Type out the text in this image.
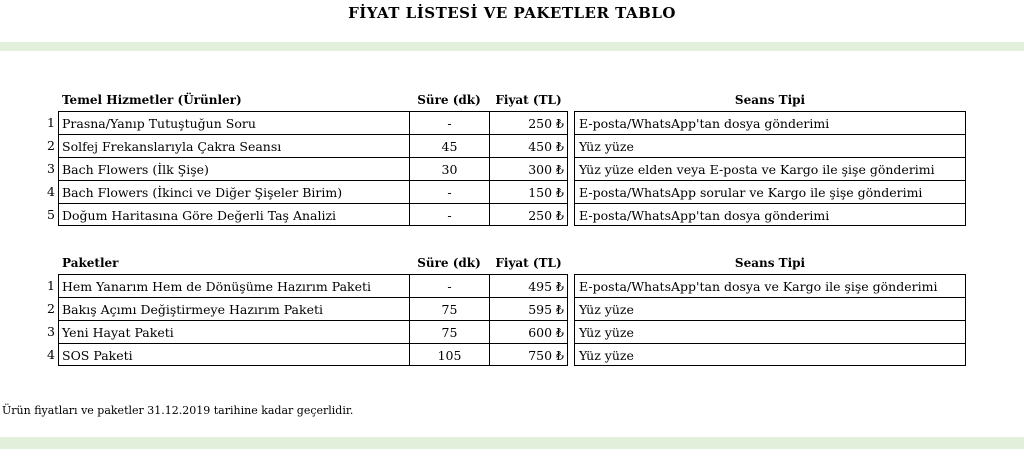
FİYAT LİSTESİ VE PAKETLER TABLO
Temel Hizmetler (Ürünler)	Süre (dk)	Fiyat (TL)	Seans Tipi
1 Prasna/Yanıp Tutuştuğun Soru	-	250 ₺	E-posta/WhatsApp'tan dosya gönderimi
2 Solfej Frekanslarıyla Çakra Seansı	45	450 ₺	Yüz yüze
3 Bach Flowers (İlk Şişe)	30	300 ₺	Yüz yüze elden veya E-posta ve Kargo ile şişe gönderimi
4 Bach Flowers (İkinci ve Diğer Şişeler Birim)	-	150 ₺	E-posta/WhatsApp sorular ve Kargo ile şişe gönderimi
5 Doğum Haritasına Göre Değerli Taş Analizi	-	250 ₺	E-posta/WhatsApp'tan dosya gönderimi
Paketler	Süre (dk)	Fiyat (TL)	Seans Tipi
1 Hem Yanarım Hem de Dönüşüme Hazırım Paketi	-	495 ₺	E-posta/WhatsApp'tan dosya ve Kargo ile şişe gönderimi
2 Bakış Açımı Değiştirmeye Hazırım Paketi	75	595 ₺	Yüz yüze
3 Yeni Hayat Paketi	75	600 ₺	Yüz yüze
4 SOS Paketi	105	750 ₺	Yüz yüze
Ürün fiyatları ve paketler 31.12.2019 tarihine kadar geçerlidir.
